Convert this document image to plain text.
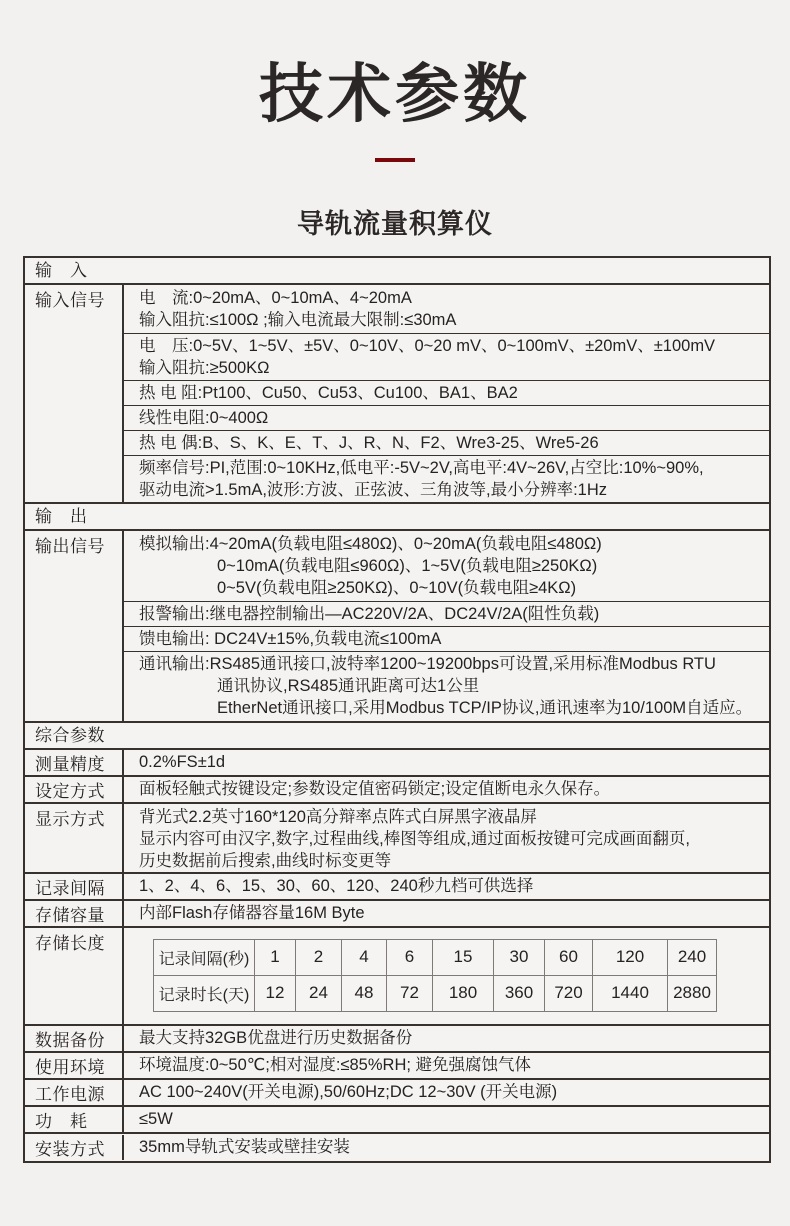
技术参数
导轨流量积算仪
输　入
输入信号	电　流:0~20mA、0~10mA、4~20mA
输入阻抗:≤100Ω ;输入电流最大限制:≤30mA
电　压:0~5V、1~5V、±5V、0~10V、0~20 mV、0~100mV、±20mV、±100mV
输入阻抗:≥500KΩ
热 电 阻:Pt100、Cu50、Cu53、Cu100、BA1、BA2
线性电阻:0~400Ω
热 电 偶:B、S、K、E、T、J、R、N、F2、Wre3-25、Wre5-26
频率信号:PI,范围:0~10KHz,低电平:-5V~2V,高电平:4V~26V,占空比:10%~90%,
驱动电流>1.5mA,波形:方波、正弦波、三角波等,最小分辨率:1Hz
输　出
输出信号	模拟输出:4~20mA(负载电阻≤480Ω)、0~20mA(负载电阻≤480Ω)
0~10mA(负载电阻≤960Ω)、1~5V(负载电阻≥250KΩ)
0~5V(负载电阻≥250KΩ)、0~10V(负载电阻≥4KΩ)
报警输出:继电器控制输出—AC220V/2A、DC24V/2A(阻性负载)
馈电输出: DC24V±15%,负载电流≤100mA
通讯输出:RS485通讯接口,波特率1200~19200bps可设置,采用标准Modbus RTU
通讯协议,RS485通讯距离可达1公里
EtherNet通讯接口,采用Modbus TCP/IP协议,通讯速率为10/100M自适应。
综合参数
测量精度	0.2%FS±1d
设定方式	面板轻触式按键设定;参数设定值密码锁定;设定值断电永久保存。
显示方式	背光式2.2英寸160*120高分辩率点阵式白屏黑字液晶屏
显示内容可由汉字,数字,过程曲线,棒图等组成,通过面板按键可完成画面翻页,
历史数据前后搜索,曲线时标变更等
记录间隔	1、2、4、6、15、30、60、120、240秒九档可供选择
存储容量	内部Flash存储器容量16M Byte
存储长度
记录间隔(秒)	1	2	4	6	15	30	60	120	240
记录时长(天)	12	24	48	72	180	360	720	1440	2880
数据备份	最大支持32GB优盘进行历史数据备份
使用环境	环境温度:0~50℃;相对湿度:≤85%RH; 避免强腐蚀气体
工作电源	AC 100~240V(开关电源),50/60Hz;DC 12~30V (开关电源)
功　耗	≤5W
安装方式	35mm导轨式安装或壁挂安装
